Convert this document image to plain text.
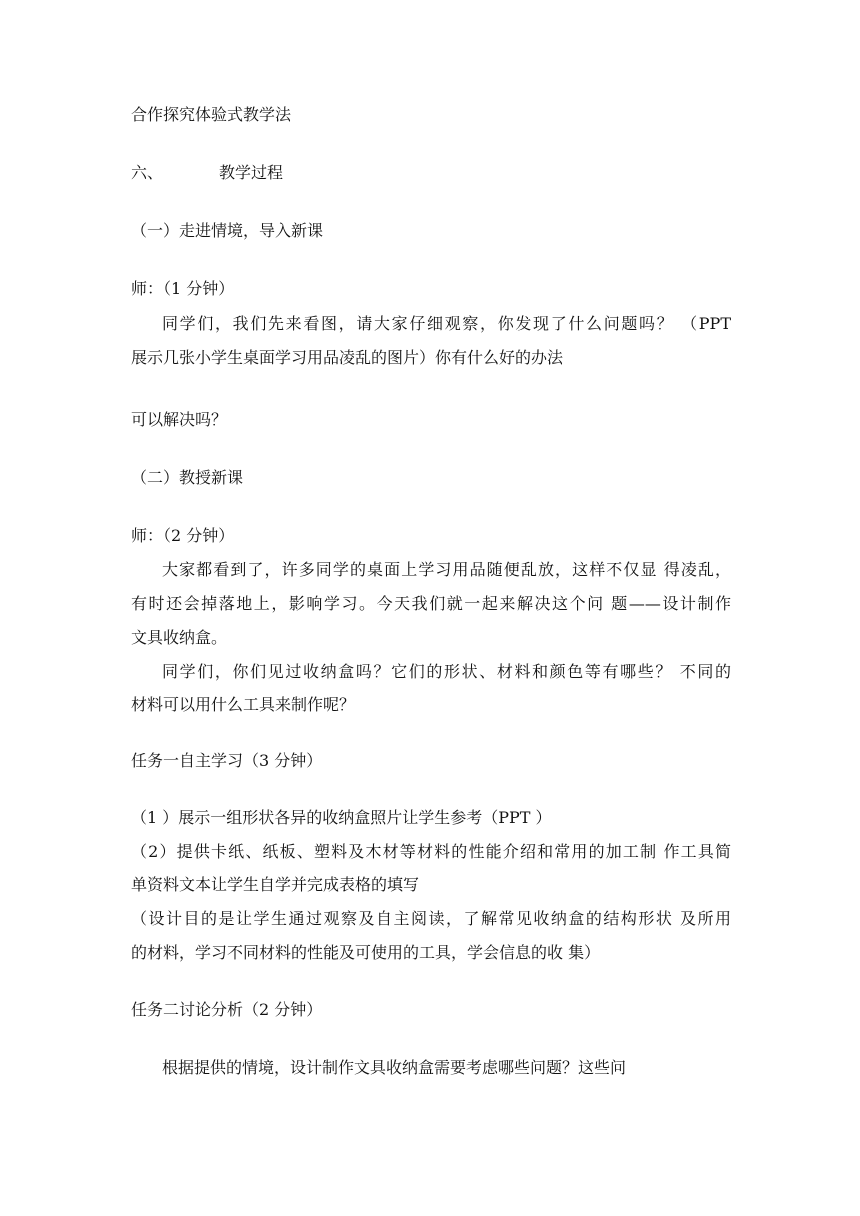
合作探究体验式教学法
六、	教学过程
（一）走进情境，导入新课
师：（1 分钟）
同学们，我们先来看图，请大家仔细观察，你发现了什么问题吗？ （PPT
展示几张小学生桌面学习用品凌乱的图片）你有什么好的办法
可以解决吗？
（二）教授新课
师：（2 分钟）
大家都看到了，许多同学的桌面上学习用品随便乱放，这样不仅显 得凌乱，
有时还会掉落地上，影响学习。今天我们就一起来解决这个问 题——设计制作
文具收纳盒。
同学们，你们见过收纳盒吗？它们的形状、材料和颜色等有哪些？ 不同的
材料可以用什么工具来制作呢？
任务一自主学习（3 分钟）
（1 ）展示一组形状各异的收纳盒照片让学生参考（PPT ）
（2）提供卡纸、纸板、塑料及木材等材料的性能介绍和常用的加工制 作工具简
单资料文本让学生自学并完成表格的填写
（设计目的是让学生通过观察及自主阅读，了解常见收纳盒的结构形状 及所用
的材料，学习不同材料的性能及可使用的工具，学会信息的收 集）
任务二讨论分析（2 分钟）
根据提供的情境，设计制作文具收纳盒需要考虑哪些问题？这些问
